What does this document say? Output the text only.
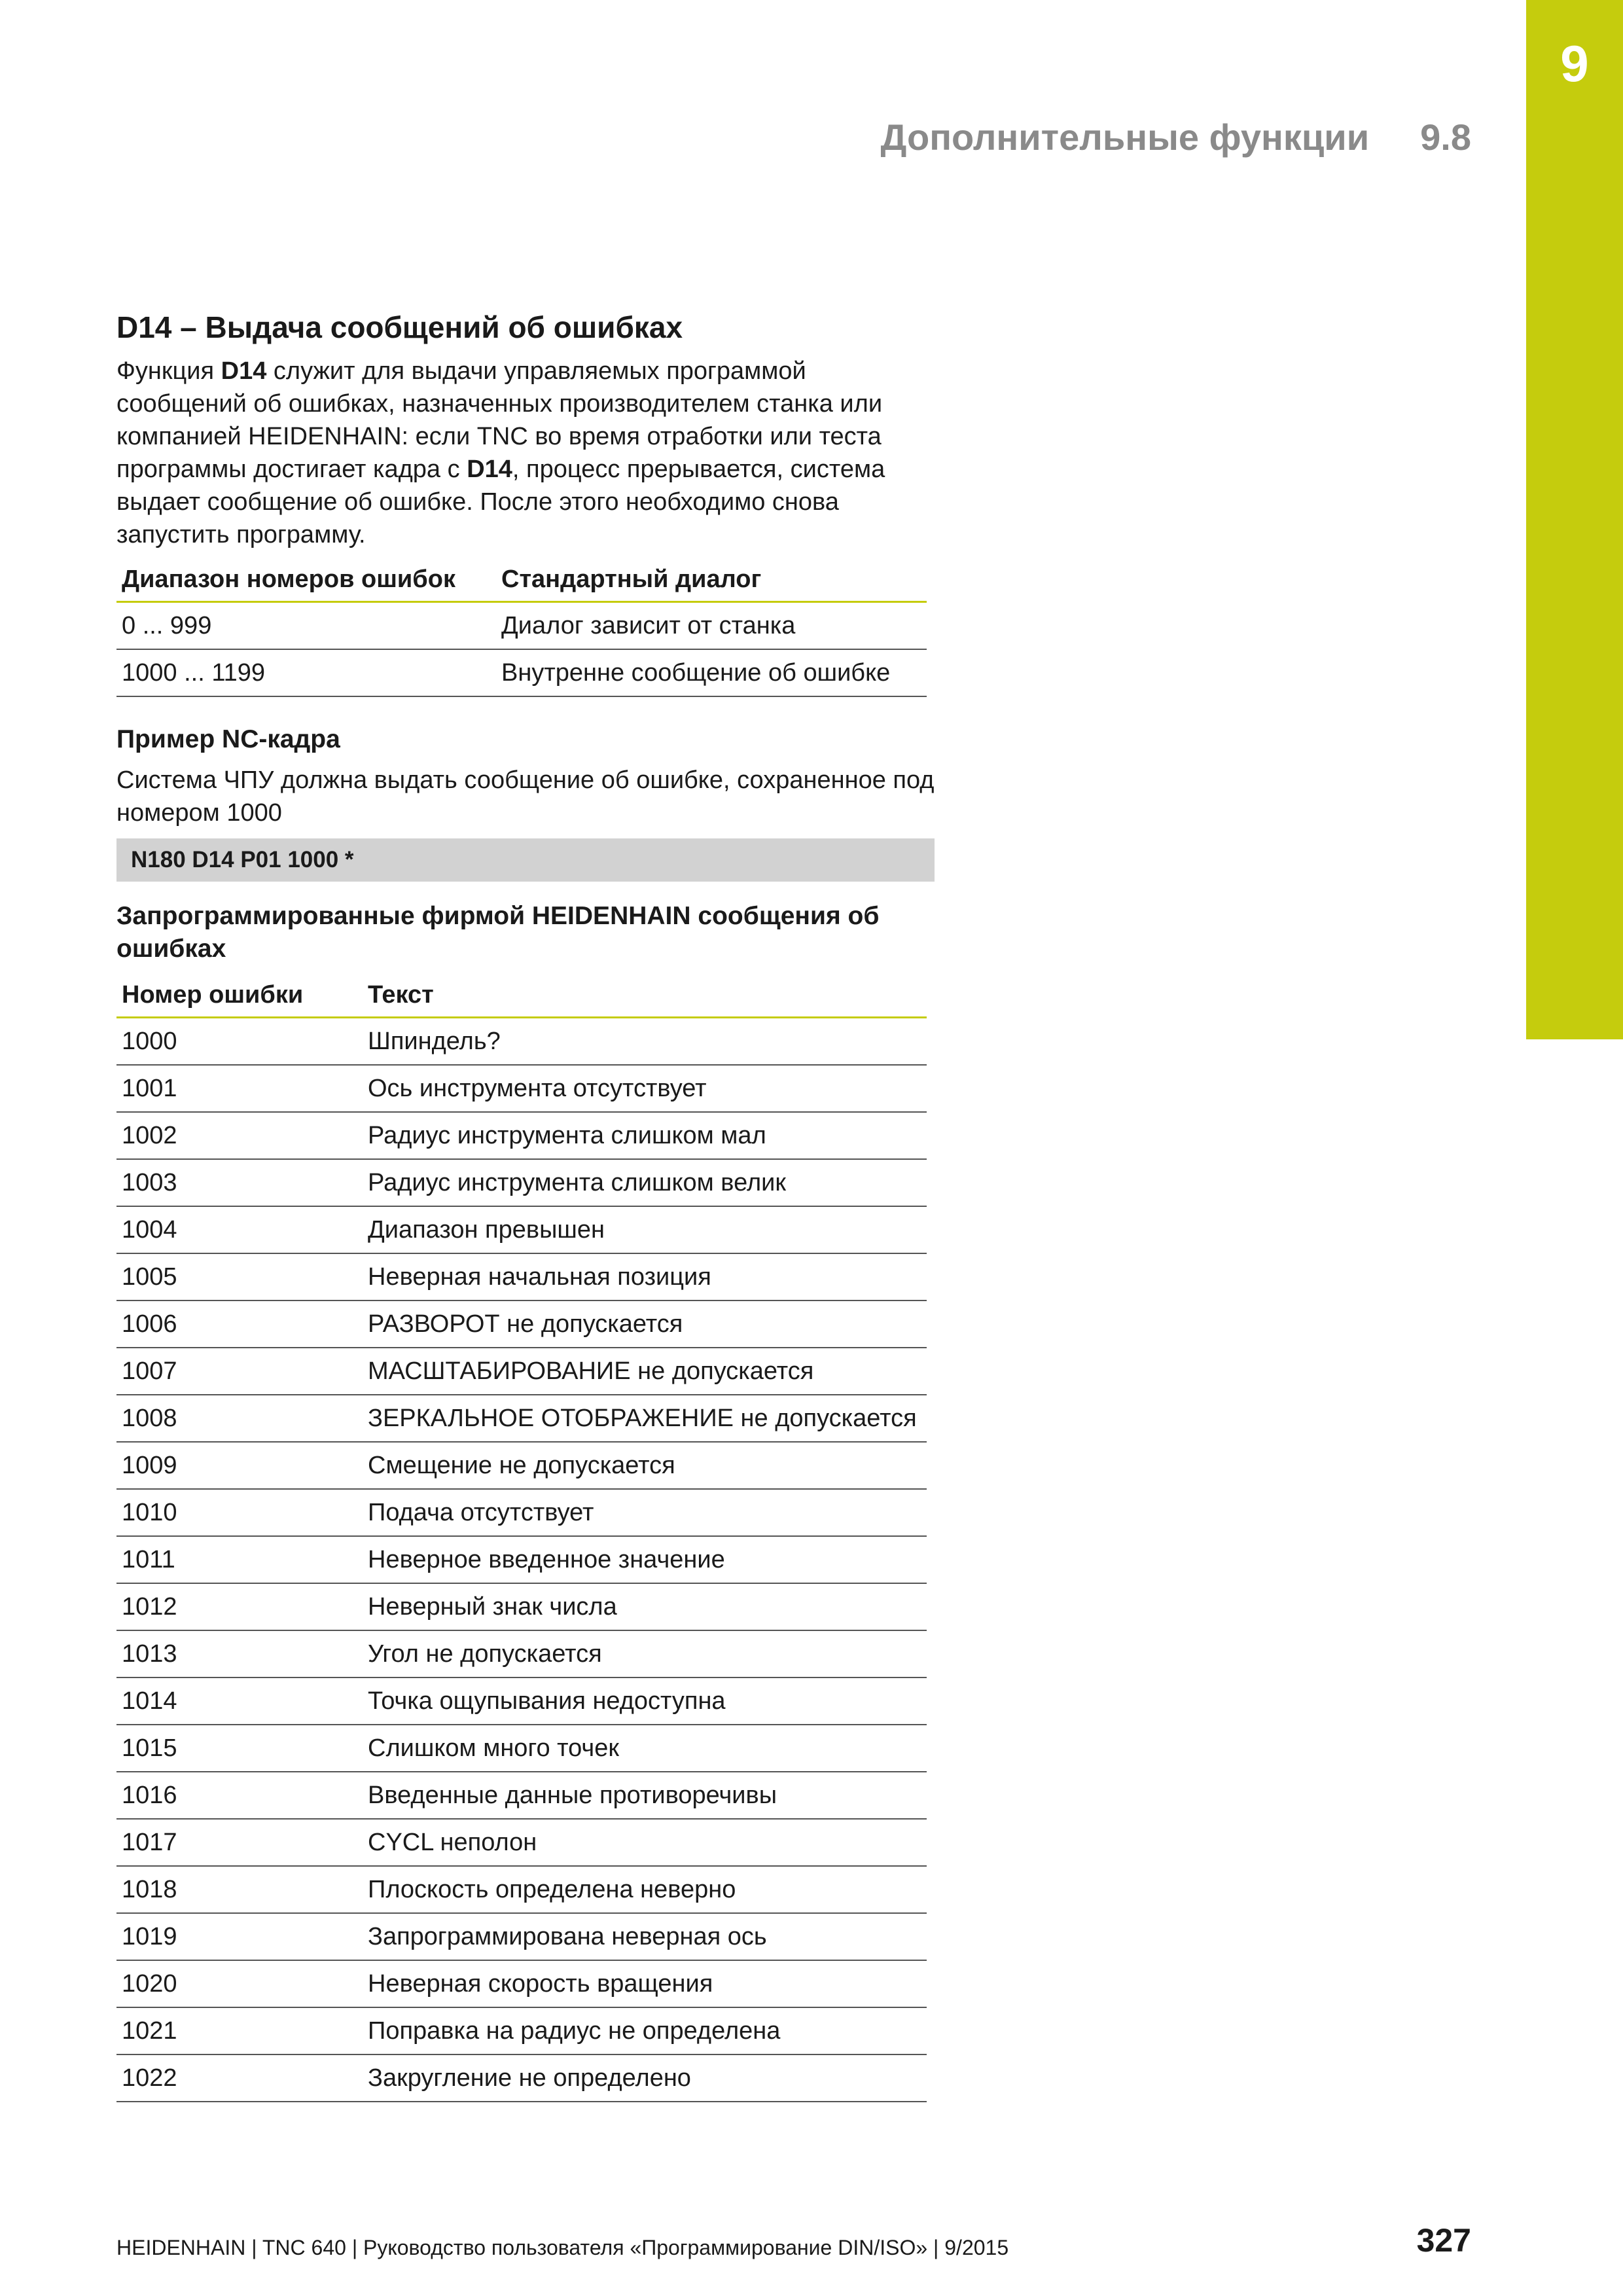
9
Дополнительные функции 9.8
D14 – Выдача сообщений об ошибках

Функция D14 служит для выдачи управляемых программой сообщений об ошибках, назначенных производителем станка или компанией HEIDENHAIN: если TNC во время отработки или теста программы достигает кадра с D14, процесс прерывается, система выдает сообщение об ошибке. После этого необходимо снова запустить программу.

Диапазон номеров ошибок	Стандартный диалог
0 ... 999	Диалог зависит от станка
1000 ... 1199	Внутренне сообщение об ошибке

Пример NC-кадра

Система ЧПУ должна выдать сообщение об ошибке, сохраненное под номером 1000

N180 D14 P01 1000 *

Запрограммированные фирмой HEIDENHAIN сообщения об ошибках

Номер ошибки	Текст
1000	Шпиндель?
1001	Ось инструмента отсутствует
1002	Радиус инструмента слишком мал
1003	Радиус инструмента слишком велик
1004	Диапазон превышен
1005	Неверная начальная позиция
1006	РАЗВОРОТ не допускается
1007	МАСШТАБИРОВАНИЕ не допускается
1008	ЗЕРКАЛЬНОЕ ОТОБРАЖЕНИЕ не допускается
1009	Смещение не допускается
1010	Подача отсутствует
1011	Неверное введенное значение
1012	Неверный знак числа
1013	Угол не допускается
1014	Точка ощупывания недоступна
1015	Слишком много точек
1016	Введенные данные противоречивы
1017	CYCL неполон
1018	Плоскость определена неверно
1019	Запрограммирована неверная ось
1020	Неверная скорость вращения
1021	Поправка на радиус не определена
1022	Закругление не определено
HEIDENHAIN | TNC 640 | Руководство пользователя «Программирование DIN/ISO» | 9/2015	327
